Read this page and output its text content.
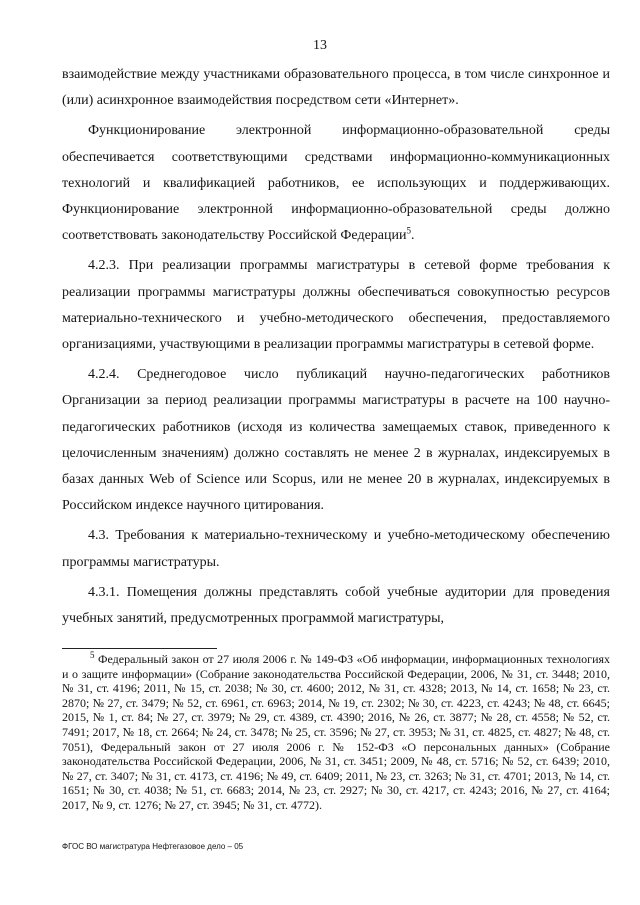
13

взаимодействие между участниками образовательного процесса, в том числе синхронное и (или) асинхронное взаимодействия посредством сети «Интернет».

Функционирование электронной информационно-образовательной среды обеспечивается соответствующими средствами информационно-коммуникационных технологий и квалификацией работников, ее использующих и поддерживающих. Функционирование электронной информационно-образовательной среды должно соответствовать законодательству Российской Федерации$^5$.

4.2.3. При реализации программы магистратуры в сетевой форме требования к реализации программы магистратуры должны обеспечиваться совокупностью ресурсов материально-технического и учебно-методического обеспечения, предоставляемого организациями, участвующими в реализации программы магистратуры в сетевой форме.

4.2.4. Среднегодовое число публикаций научно-педагогических работников Организации за период реализации программы магистратуры в расчете на 100 научно-педагогических работников (исходя из количества замещаемых ставок, приведенного к целочисленным значениям) должно составлять не менее 2 в журналах, индексируемых в базах данных Web of Science или Scopus, или не менее 20 в журналах, индексируемых в Российском индексе научного цитирования.

4.3. Требования к материально-техническому и учебно-методическому обеспечению программы магистратуры.

4.3.1. Помещения должны представлять собой учебные аудитории для проведения учебных занятий, предусмотренных программой магистратуры,

$^5$ Федеральный закон от 27 июля 2006 г. № 149-ФЗ «Об информации, информационных технологиях и о защите информации» (Собрание законодательства Российской Федерации, 2006, № 31, ст. 3448; 2010, № 31, ст. 4196; 2011, № 15, ст. 2038; № 30, ст. 4600; 2012, № 31, ст. 4328; 2013, № 14, ст. 1658; № 23, ст. 2870; № 27, ст. 3479; № 52, ст. 6961, ст. 6963; 2014, № 19, ст. 2302; № 30, ст. 4223, ст. 4243; № 48, ст. 6645; 2015, № 1, ст. 84; № 27, ст. 3979; № 29, ст. 4389, ст. 4390; 2016, № 26, ст. 3877; № 28, ст. 4558; № 52, ст. 7491; 2017, № 18, ст. 2664; № 24, ст. 3478; № 25, ст. 3596; № 27, ст. 3953; № 31, ст. 4825, ст. 4827; № 48, ст. 7051), Федеральный закон от 27 июля 2006 г. № 152-ФЗ «О персональных данных» (Собрание законодательства Российской Федерации, 2006, № 31, ст. 3451; 2009, № 48, ст. 5716; № 52, ст. 6439; 2010, № 27, ст. 3407; № 31, ст. 4173, ст. 4196; № 49, ст. 6409; 2011, № 23, ст. 3263; № 31, ст. 4701; 2013, № 14, ст. 1651; № 30, ст. 4038; № 51, ст. 6683; 2014, № 23, ст. 2927; № 30, ст. 4217, ст. 4243; 2016, № 27, ст. 4164; 2017, № 9, ст. 1276; № 27, ст. 3945; № 31, ст. 4772).

ФГОС ВО магистратура Нефтегазовое дело – 05
